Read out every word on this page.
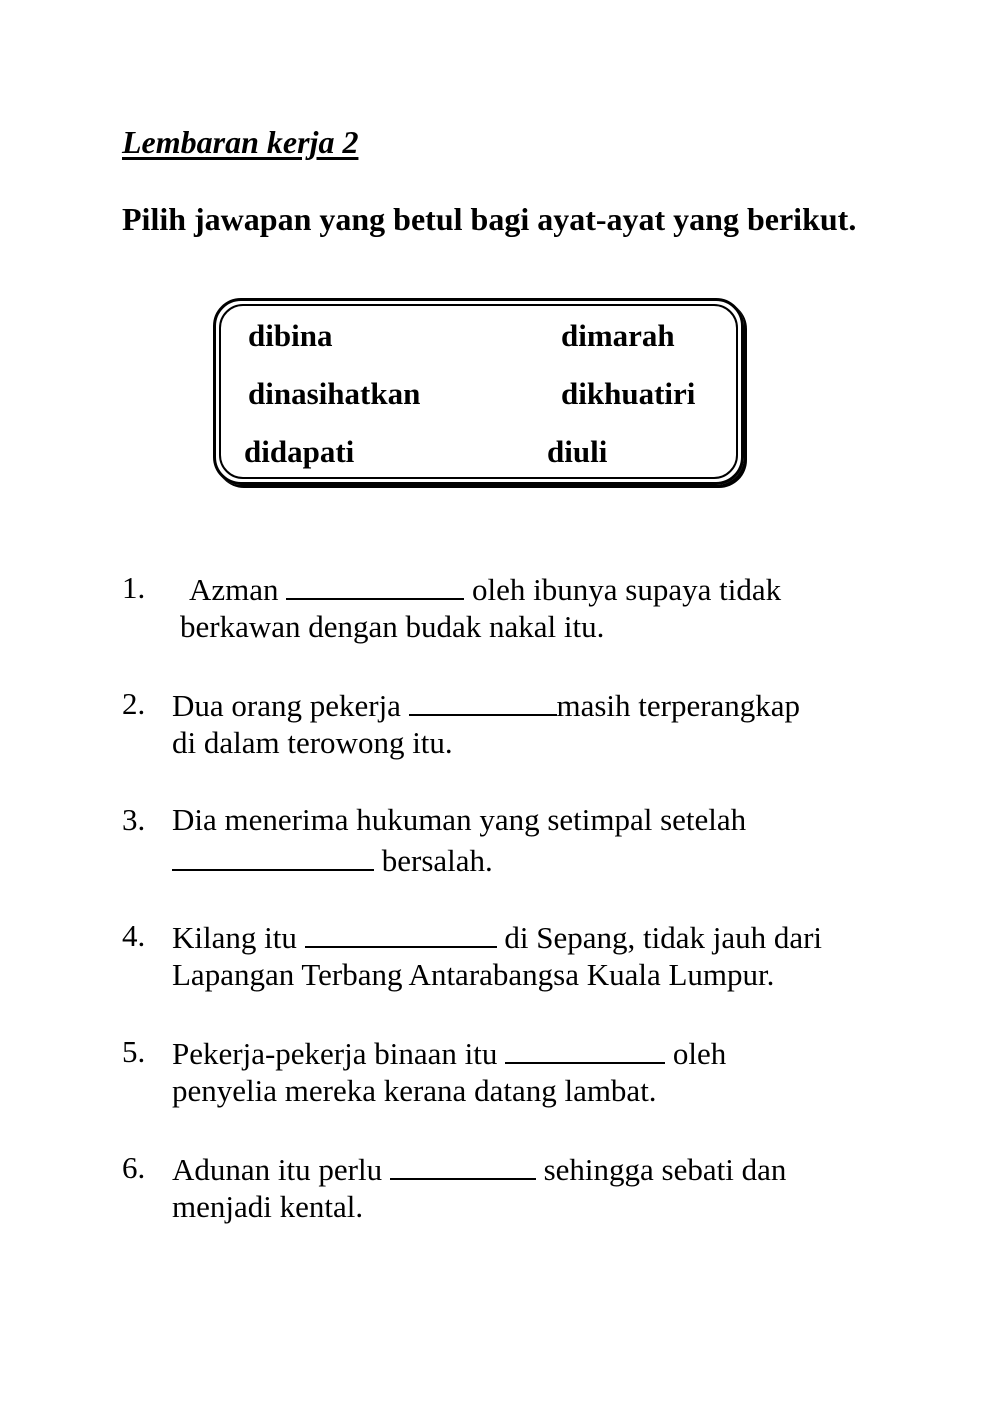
Lembaran kerja 2
Pilih jawapan yang betul bagi ayat-ayat yang berikut.
dibina	dimarah
dinasihatkan	dikhuatiri
didapati	diuli
1. Azman	oleh ibunya supaya tidak
berkawan dengan budak nakal itu.
2. Dua orang pekerja	masih terperangkap
di dalam terowong itu.
3. Dia menerima hukuman yang setimpal setelah
bersalah.
4. Kilang itu	di Sepang, tidak jauh dari
Lapangan Terbang Antarabangsa Kuala Lumpur.
5. Pekerja-pekerja binaan itu	oleh
penyelia mereka kerana datang lambat.
6. Adunan itu perlu	sehingga sebati dan
menjadi kental.
